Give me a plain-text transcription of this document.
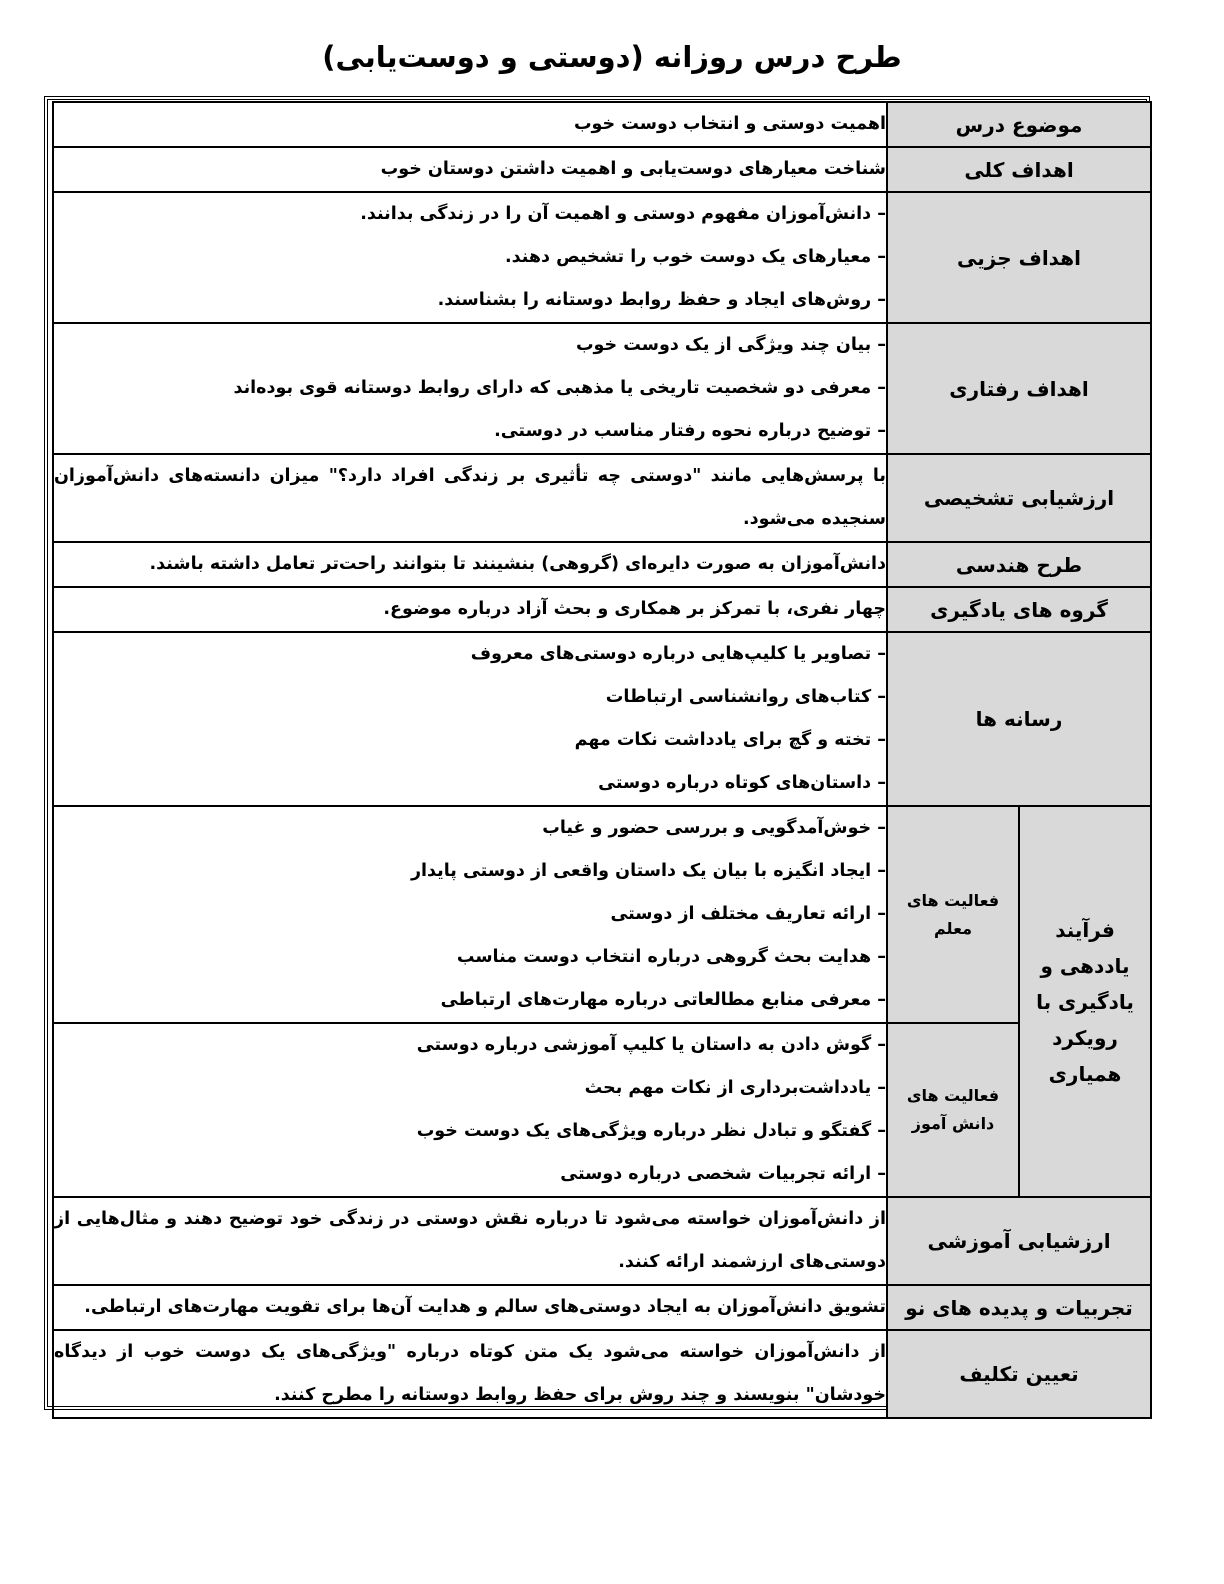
طرح درس روزانه (دوستی و دوست‌یابی)
موضوع درس		اهمیت دوستی و انتخاب دوست خوب

اهداف کلی		شناخت معیارهای دوست‌یابی و اهمیت داشتن دوستان خوب

اهداف جزیی		– دانش‌آموزان مفهوم دوستی و اهمیت آن را در زندگی بدانند.
– معیارهای یک دوست خوب را تشخیص دهند.
– روش‌های ایجاد و حفظ روابط دوستانه را بشناسند.

اهداف رفتاری		– بیان چند ویژگی از یک دوست خوب
– معرفی دو شخصیت تاریخی یا مذهبی که دارای روابط دوستانه قوی بوده‌اند
– توضیح درباره نحوه رفتار مناسب در دوستی.

ارزشیابی تشخیصی		با پرسش‌هایی مانند "دوستی چه تأثیری بر زندگی افراد دارد؟" میزان دانسته‌های دانش‌آموزان سنجیده می‌شود.

طرح هندسی		دانش‌آموزان به صورت دایره‌ای (گروهی) بنشینند تا بتوانند راحت‌تر تعامل داشته باشند.

گروه های یادگیری		چهار نفری، با تمرکز بر همکاری و بحث آزاد درباره موضوع.

رسانه ها		– تصاویر یا کلیپ‌هایی درباره دوستی‌های معروف
– کتاب‌های روانشناسی ارتباطات
– تخته و گچ برای یادداشت نکات مهم
– داستان‌های کوتاه درباره دوستی

فرآیند یاددهی و یادگیری با رویکرد همیاری	فعالیت های معلم	– خوش‌آمدگویی و بررسی حضور و غیاب
– ایجاد انگیزه با بیان یک داستان واقعی از دوستی پایدار
– ارائه تعاریف مختلف از دوستی
– هدایت بحث گروهی درباره انتخاب دوست مناسب
– معرفی منابع مطالعاتی درباره مهارت‌های ارتباطی

	فعالیت های دانش آموز	– گوش دادن به داستان یا کلیپ آموزشی درباره دوستی
– یادداشت‌برداری از نکات مهم بحث
– گفتگو و تبادل نظر درباره ویژگی‌های یک دوست خوب
– ارائه تجربیات شخصی درباره دوستی

ارزشیابی آموزشی		از دانش‌آموزان خواسته می‌شود تا درباره نقش دوستی در زندگی خود توضیح دهند و مثال‌هایی از دوستی‌های ارزشمند ارائه کنند.

تجربیات و پدیده های نو		تشویق دانش‌آموزان به ایجاد دوستی‌های سالم و هدایت آن‌ها برای تقویت مهارت‌های ارتباطی.

تعیین تکلیف		از دانش‌آموزان خواسته می‌شود یک متن کوتاه درباره "ویژگی‌های یک دوست خوب از دیدگاه خودشان" بنویسند و چند روش برای حفظ روابط دوستانه را مطرح کنند.
